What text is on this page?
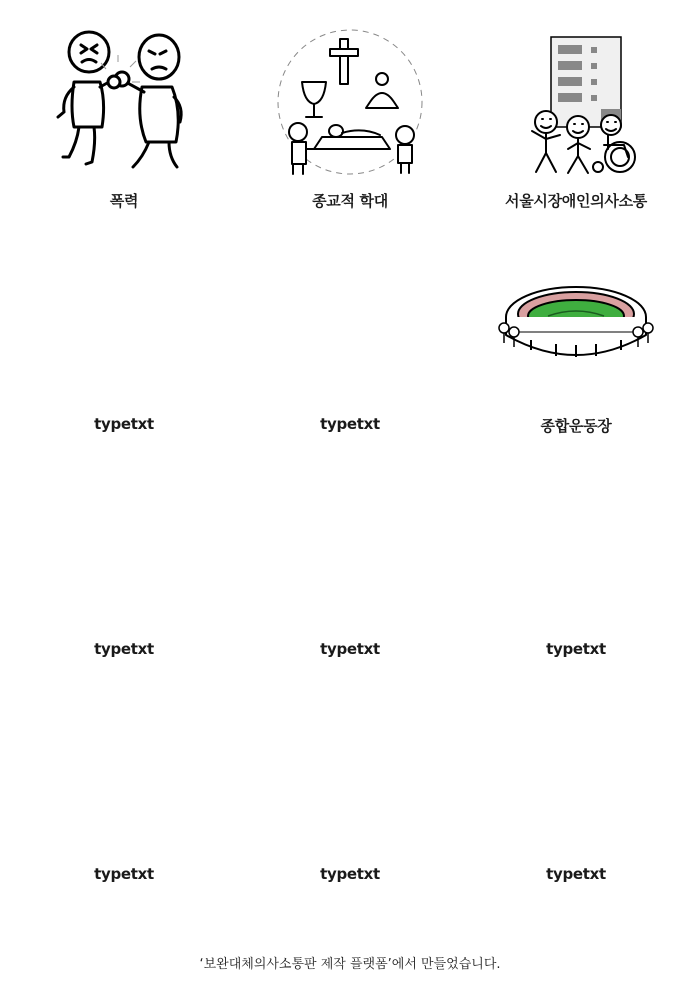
폭력	종교적 학대	서울시장애인의사소통
typetxt	typetxt	종합운동장
typetxt	typetxt	typetxt
typetxt	typetxt	typetxt
‘보완대체의사소통판 제작 플랫폼’에서 만들었습니다.
